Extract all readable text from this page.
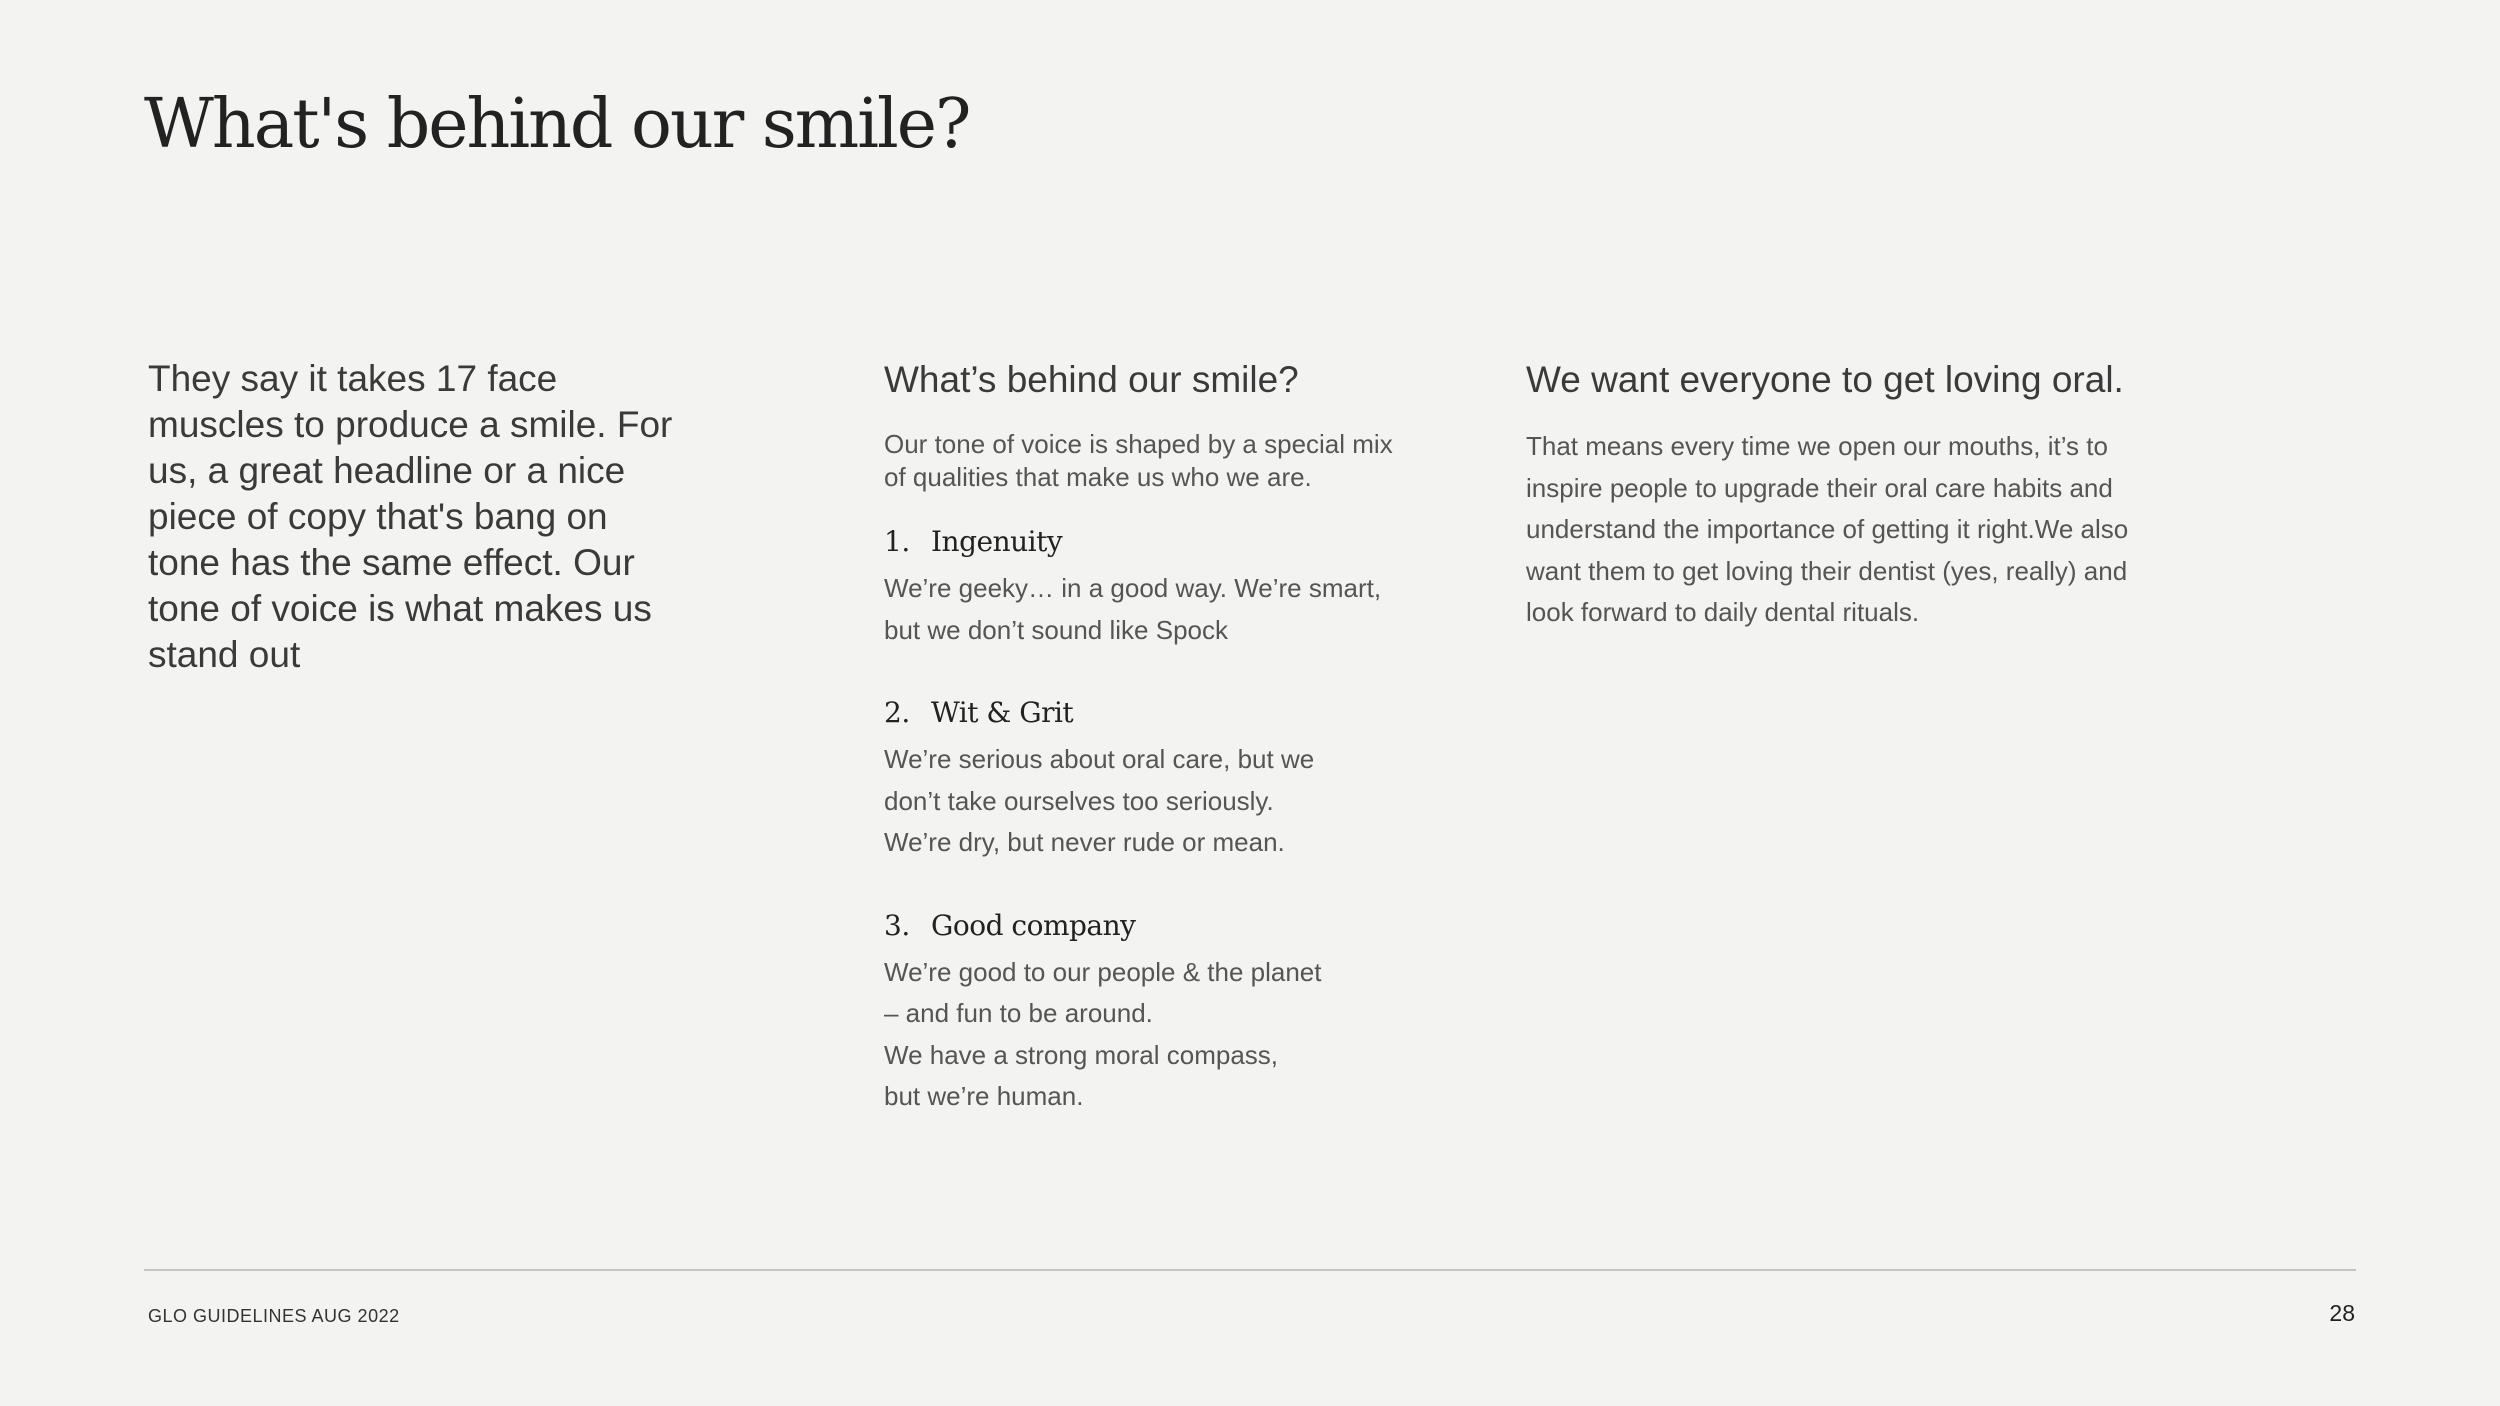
What's behind our smile?

They say it takes 17 face muscles to produce a smile. For us, a great headline or a nice piece of copy that's bang on tone has the same effect. Our tone of voice is what makes us stand out

What’s behind our smile?

Our tone of voice is shaped by a special mix of qualities that make us who we are.

1. Ingenuity
We’re geeky… in a good way. We’re smart,
but we don’t sound like Spock
2. Wit & Grit
We’re serious about oral care, but we
don’t take ourselves too seriously.
We’re dry, but never rude or mean.
3. Good company
We’re good to our people & the planet
– and fun to be around.
We have a strong moral compass,
but we’re human.
We want everyone to get loving oral.

That means every time we open our mouths, it’s to inspire people to upgrade their oral care habits and understand the importance of getting it right.We also want them to get loving their dentist (yes, really) and look forward to daily dental rituals.

GLO GUIDELINES AUG 2022	28
